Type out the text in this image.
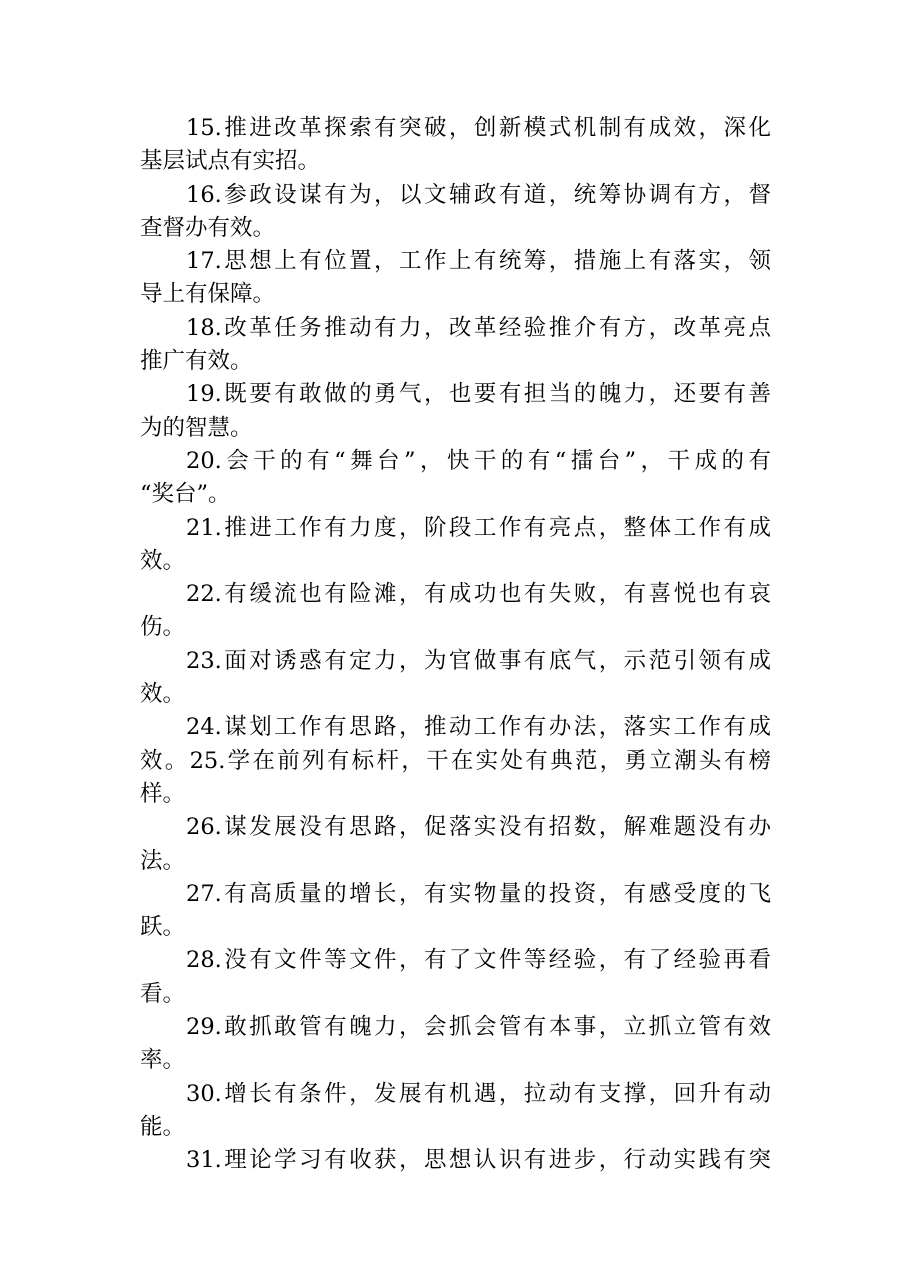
15.推进改革探索有突破，创新模式机制有成效，深化
基层试点有实招。
16.参政设谋有为，以文辅政有道，统筹协调有方，督
查督办有效。
17.思想上有位置，工作上有统筹，措施上有落实，领
导上有保障。
18.改革任务推动有力，改革经验推介有方，改革亮点
推广有效。
19.既要有敢做的勇气，也要有担当的魄力，还要有善
为的智慧。
20.会干的有“舞台”，快干的有“擂台”，干成的有
“奖台”。
21.推进工作有力度，阶段工作有亮点，整体工作有成
效。
22.有缓流也有险滩，有成功也有失败，有喜悦也有哀
伤。
23.面对诱惑有定力，为官做事有底气，示范引领有成
效。
24.谋划工作有思路，推动工作有办法，落实工作有成
效。25.学在前列有标杆，干在实处有典范，勇立潮头有榜
样。
26.谋发展没有思路，促落实没有招数，解难题没有办
法。
27.有高质量的增长，有实物量的投资，有感受度的飞
跃。
28.没有文件等文件，有了文件等经验，有了经验再看
看。
29.敢抓敢管有魄力，会抓会管有本事，立抓立管有效
率。
30.增长有条件，发展有机遇，拉动有支撑，回升有动
能。
31.理论学习有收获，思想认识有进步，行动实践有突
